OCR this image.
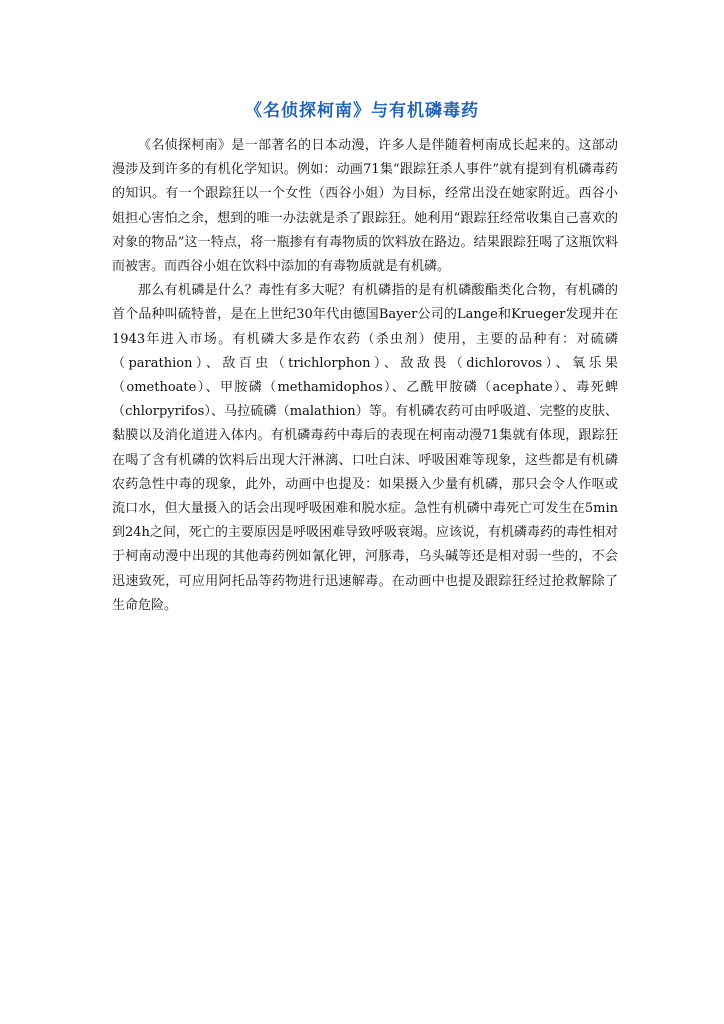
《名侦探柯南》与有机磷毒药

《名侦探柯南》是一部著名的日本动漫，许多人是伴随着柯南成长起来的。这部动漫涉及到许多的有机化学知识。例如：动画71集“跟踪狂杀人事件”就有提到有机磷毒药的知识。有一个跟踪狂以一个女性（西谷小姐）为目标，经常出没在她家附近。西谷小姐担心害怕之余，想到的唯一办法就是杀了跟踪狂。她利用“跟踪狂经常收集自己喜欢的对象的物品”这一特点，将一瓶掺有有毒物质的饮料放在路边。结果跟踪狂喝了这瓶饮料而被害。而西谷小姐在饮料中添加的有毒物质就是有机磷。

那么有机磷是什么？毒性有多大呢？有机磷指的是有机磷酸酯类化合物，有机磷的首个品种叫硫特普，是在上世纪30年代由德国Bayer公司的Lange和Krueger发现并在1943年进入市场。有机磷大多是作农药（杀虫剂）使用，主要的品种有：对硫磷（parathion）、敌百虫（trichlorphon）、敌敌畏（dichlorovos）、氧乐果（omethoate）、甲胺磷（methamidophos）、乙酰甲胺磷（acephate）、毒死蜱（chlorpyrifos）、马拉硫磷（malathion）等。有机磷农药可由呼吸道、完整的皮肤、黏膜以及消化道进入体内。有机磷毒药中毒后的表现在柯南动漫71集就有体现，跟踪狂在喝了含有机磷的饮料后出现大汗淋漓、口吐白沫、呼吸困难等现象，这些都是有机磷农药急性中毒的现象，此外，动画中也提及：如果摄入少量有机磷，那只会令人作呕或流口水，但大量摄入的话会出现呼吸困难和脱水症。急性有机磷中毒死亡可发生在5min到24h之间，死亡的主要原因是呼吸困难导致呼吸衰竭。应该说，有机磷毒药的毒性相对于柯南动漫中出现的其他毒药例如氰化钾，河豚毒，乌头碱等还是相对弱一些的，不会迅速致死，可应用阿托品等药物进行迅速解毒。在动画中也提及跟踪狂经过抢救解除了生命危险。
